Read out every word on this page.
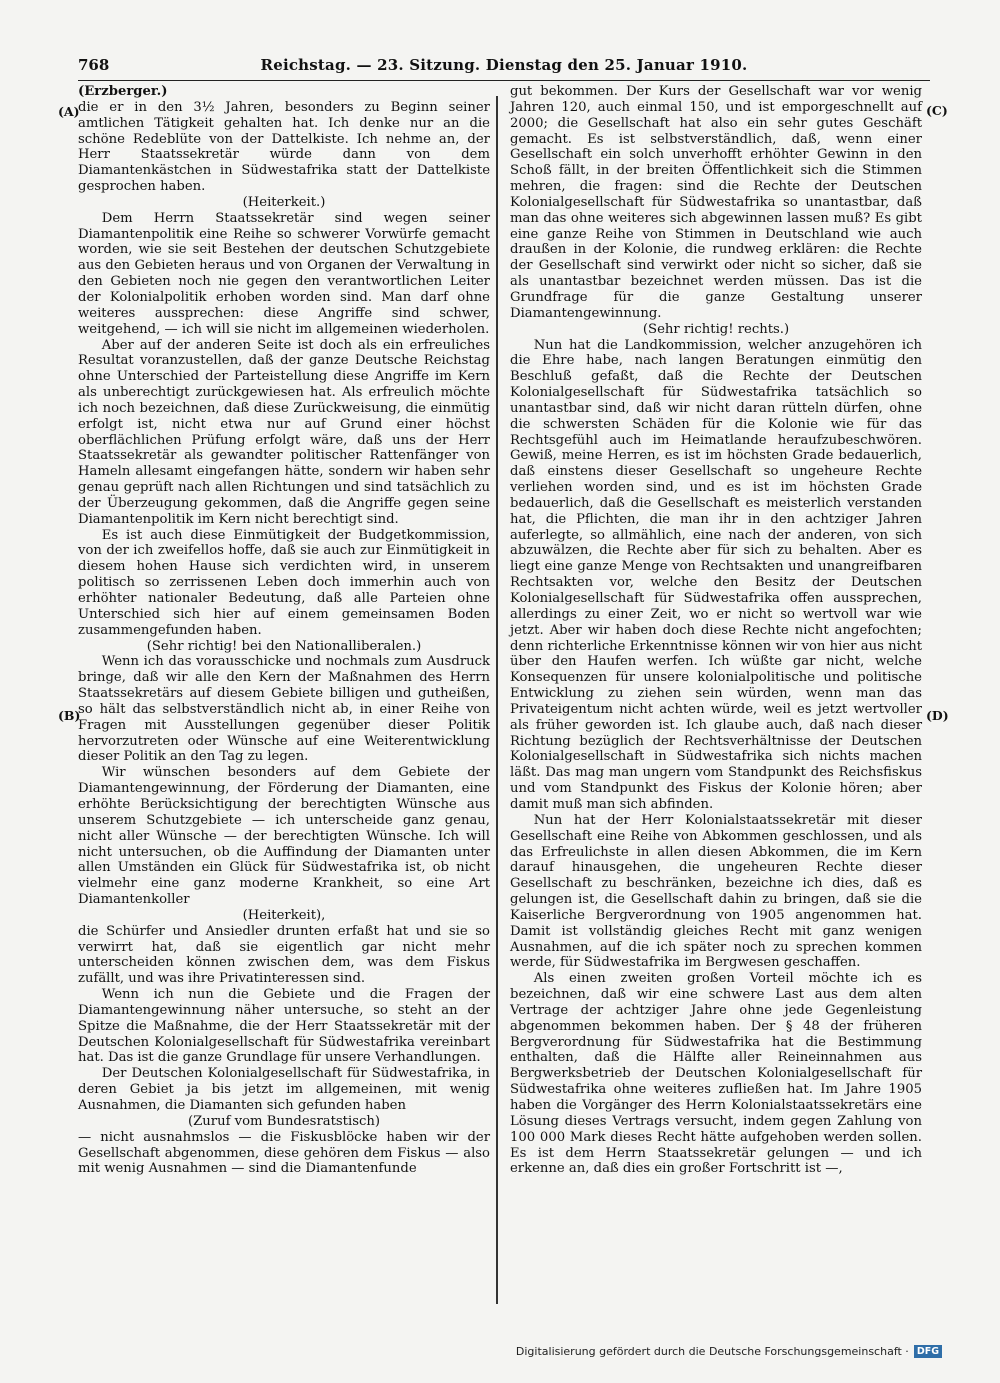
768	Reichstag. — 23. Sitzung. Dienstag den 25. Januar 1910.
(A)
(B)
(C)
(D)

(Erzberger.)

die er in den 3½ Jahren, besonders zu Beginn seiner amtlichen Tätigkeit gehalten hat. Ich denke nur an die schöne Redeblüte von der Dattelkiste. Ich nehme an, der Herr Staatssekretär würde dann von dem Diamantenkästchen in Südwestafrika statt der Dattelkiste gesprochen haben.

(Heiterkeit.)

Dem Herrn Staatssekretär sind wegen seiner Diamantenpolitik eine Reihe so schwerer Vorwürfe gemacht worden, wie sie seit Bestehen der deutschen Schutzgebiete aus den Gebieten heraus und von Organen der Verwaltung in den Gebieten noch nie gegen den verantwortlichen Leiter der Kolonialpolitik erhoben worden sind. Man darf ohne weiteres aussprechen: diese Angriffe sind schwer, weitgehend, — ich will sie nicht im allgemeinen wiederholen.

Aber auf der anderen Seite ist doch als ein erfreuliches Resultat voranzustellen, daß der ganze Deutsche Reichstag ohne Unterschied der Parteistellung diese Angriffe im Kern als unberechtigt zurückgewiesen hat. Als erfreulich möchte ich noch bezeichnen, daß diese Zurückweisung, die einmütig erfolgt ist, nicht etwa nur auf Grund einer höchst oberflächlichen Prüfung erfolgt wäre, daß uns der Herr Staatssekretär als gewandter politischer Rattenfänger von Hameln allesamt eingefangen hätte, sondern wir haben sehr genau geprüft nach allen Richtungen und sind tatsächlich zu der Überzeugung gekommen, daß die Angriffe gegen seine Diamantenpolitik im Kern nicht berechtigt sind.

Es ist auch diese Einmütigkeit der Budgetkommission, von der ich zweifellos hoffe, daß sie auch zur Einmütigkeit in diesem hohen Hause sich verdichten wird, in unserem politisch so zerrissenen Leben doch immerhin auch von erhöhter nationaler Bedeutung, daß alle Parteien ohne Unterschied sich hier auf einem gemeinsamen Boden zusammengefunden haben.

(Sehr richtig! bei den Nationalliberalen.)

Wenn ich das vorausschicke und nochmals zum Ausdruck bringe, daß wir alle den Kern der Maßnahmen des Herrn Staatssekretärs auf diesem Gebiete billigen und gutheißen, so hält das selbstverständlich nicht ab, in einer Reihe von Fragen mit Ausstellungen gegenüber dieser Politik hervorzutreten oder Wünsche auf eine Weiterentwicklung dieser Politik an den Tag zu legen.

Wir wünschen besonders auf dem Gebiete der Diamantengewinnung, der Förderung der Diamanten, eine erhöhte Berücksichtigung der berechtigten Wünsche aus unserem Schutzgebiete — ich unterscheide ganz genau, nicht aller Wünsche — der berechtigten Wünsche. Ich will nicht untersuchen, ob die Auffindung der Diamanten unter allen Umständen ein Glück für Südwestafrika ist, ob nicht vielmehr eine ganz moderne Krankheit, so eine Art Diamantenkoller

(Heiterkeit),

die Schürfer und Ansiedler drunten erfaßt hat und sie so verwirrt hat, daß sie eigentlich gar nicht mehr unterscheiden können zwischen dem, was dem Fiskus zufällt, und was ihre Privatinteressen sind.

Wenn ich nun die Gebiete und die Fragen der Diamantengewinnung näher untersuche, so steht an der Spitze die Maßnahme, die der Herr Staatssekretär mit der Deutschen Kolonialgesellschaft für Südwestafrika vereinbart hat. Das ist die ganze Grundlage für unsere Verhandlungen.

Der Deutschen Kolonialgesellschaft für Südwestafrika, in deren Gebiet ja bis jetzt im allgemeinen, mit wenig Ausnahmen, die Diamanten sich gefunden haben

(Zuruf vom Bundesratstisch)

— nicht ausnahmslos — die Fiskusblöcke haben wir der Gesellschaft abgenommen, diese gehören dem Fiskus — also mit wenig Ausnahmen — sind die Diamantenfunde

gut bekommen. Der Kurs der Gesellschaft war vor wenig Jahren 120, auch einmal 150, und ist emporgeschnellt auf 2000; die Gesellschaft hat also ein sehr gutes Geschäft gemacht. Es ist selbstverständlich, daß, wenn einer Gesellschaft ein solch unverhofft erhöhter Gewinn in den Schoß fällt, in der breiten Öffentlichkeit sich die Stimmen mehren, die fragen: sind die Rechte der Deutschen Kolonialgesellschaft für Südwestafrika so unantastbar, daß man das ohne weiteres sich abgewinnen lassen muß? Es gibt eine ganze Reihe von Stimmen in Deutschland wie auch draußen in der Kolonie, die rundweg erklären: die Rechte der Gesellschaft sind verwirkt oder nicht so sicher, daß sie als unantastbar bezeichnet werden müssen. Das ist die Grundfrage für die ganze Gestaltung unserer Diamantengewinnung.

(Sehr richtig! rechts.)

Nun hat die Landkommission, welcher anzugehören ich die Ehre habe, nach langen Beratungen einmütig den Beschluß gefaßt, daß die Rechte der Deutschen Kolonialgesellschaft für Südwestafrika tatsächlich so unantastbar sind, daß wir nicht daran rütteln dürfen, ohne die schwersten Schäden für die Kolonie wie für das Rechtsgefühl auch im Heimatlande heraufzubeschwören. Gewiß, meine Herren, es ist im höchsten Grade bedauerlich, daß einstens dieser Gesellschaft so ungeheure Rechte verliehen worden sind, und es ist im höchsten Grade bedauerlich, daß die Gesellschaft es meisterlich verstanden hat, die Pflichten, die man ihr in den achtziger Jahren auferlegte, so allmählich, eine nach der anderen, von sich abzuwälzen, die Rechte aber für sich zu behalten. Aber es liegt eine ganze Menge von Rechtsakten und unangreifbaren Rechtsakten vor, welche den Besitz der Deutschen Kolonialgesellschaft für Südwestafrika offen aussprechen, allerdings zu einer Zeit, wo er nicht so wertvoll war wie jetzt. Aber wir haben doch diese Rechte nicht angefochten; denn richterliche Erkenntnisse können wir von hier aus nicht über den Haufen werfen. Ich wüßte gar nicht, welche Konsequenzen für unsere kolonialpolitische und politische Entwicklung zu ziehen sein würden, wenn man das Privateigentum nicht achten würde, weil es jetzt wertvoller als früher geworden ist. Ich glaube auch, daß nach dieser Richtung bezüglich der Rechtsverhältnisse der Deutschen Kolonialgesellschaft in Südwestafrika sich nichts machen läßt. Das mag man ungern vom Standpunkt des Reichsfiskus und vom Standpunkt des Fiskus der Kolonie hören; aber damit muß man sich abfinden.

Nun hat der Herr Kolonialstaatssekretär mit dieser Gesellschaft eine Reihe von Abkommen geschlossen, und als das Erfreulichste in allen diesen Abkommen, die im Kern darauf hinausgehen, die ungeheuren Rechte dieser Gesellschaft zu beschränken, bezeichne ich dies, daß es gelungen ist, die Gesellschaft dahin zu bringen, daß sie die Kaiserliche Bergverordnung von 1905 angenommen hat. Damit ist vollständig gleiches Recht mit ganz wenigen Ausnahmen, auf die ich später noch zu sprechen kommen werde, für Südwestafrika im Bergwesen geschaffen.

Als einen zweiten großen Vorteil möchte ich es bezeichnen, daß wir eine schwere Last aus dem alten Vertrage der achtziger Jahre ohne jede Gegenleistung abgenommen bekommen haben. Der § 48 der früheren Bergverordnung für Südwestafrika hat die Bestimmung enthalten, daß die Hälfte aller Reineinnahmen aus Bergwerksbetrieb der Deutschen Kolonialgesellschaft für Südwestafrika ohne weiteres zufließen hat. Im Jahre 1905 haben die Vorgänger des Herrn Kolonialstaatssekretärs eine Lösung dieses Vertrags versucht, indem gegen Zahlung von 100 000 Mark dieses Recht hätte aufgehoben werden sollen. Es ist dem Herrn Staatssekretär gelungen — und ich erkenne an, daß dies ein großer Fortschritt ist —,

Digitalisierung gefördert durch die Deutsche Forschungsgemeinschaft · DFG
